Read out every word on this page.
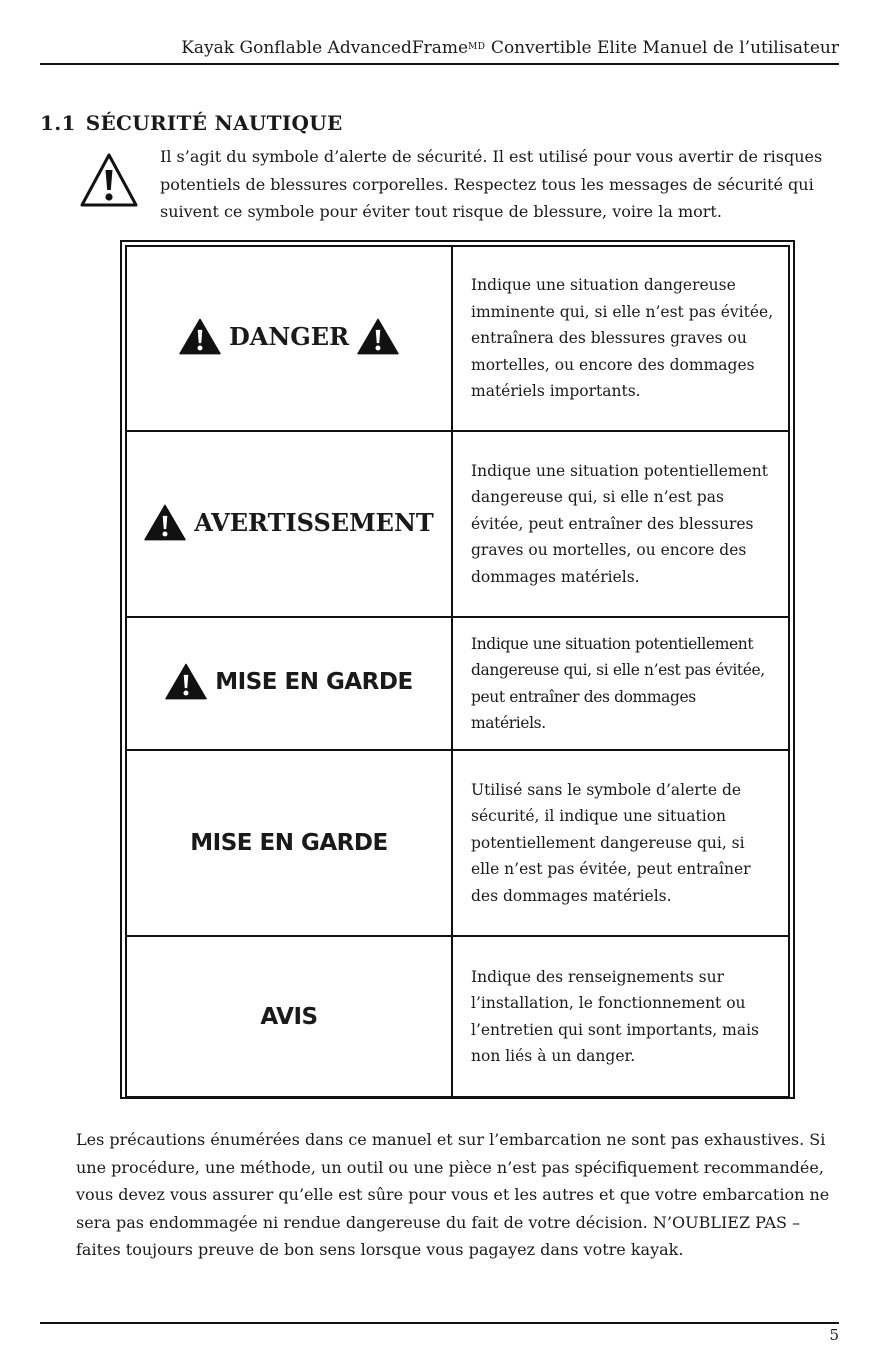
Kayak Gonflable AdvancedFrame$^{MD}$ Convertible Elite Manuel de l’utilisateur
1.1 SÉCURITÉ NAUTIQUE

Il s’agit du symbole d’alerte de sécurité. Il est utilisé pour vous avertir de risques potentiels de blessures corporelles. Respectez tous les messages de sécurité qui suivent ce symbole pour éviter tout risque de blessure, voire la mort.

DANGER	Indique une situation dangereuse imminente qui, si elle n’est pas évitée, entraînera des blessures graves ou mortelles, ou encore des dommages matériels importants.

AVERTISSEMENT	Indique une situation potentiellement dangereuse qui, si elle n’est pas évitée, peut entraîner des blessures graves ou mortelles, ou encore des dommages matériels.

MISE EN GARDE	Indique une situation potentiellement dangereuse qui, si elle n’est pas évitée, peut entraîner des dommages matériels.

MISE EN GARDE	Utilisé sans le symbole d’alerte de sécurité, il indique une situation potentiellement dangereuse qui, si elle n’est pas évitée, peut entraîner des dommages matériels.

AVIS	Indique des renseignements sur l’installation, le fonctionnement ou l’entretien qui sont importants, mais non liés à un danger.

Les précautions énumérées dans ce manuel et sur l’embarcation ne sont pas exhaustives. Si une procédure, une méthode, un outil ou une pièce n’est pas spécifiquement recommandée, vous devez vous assurer qu’elle est sûre pour vous et les autres et que votre embarcation ne sera pas endommagée ni rendue dangereuse du fait de votre décision. N’OUBLIEZ PAS – faites toujours preuve de bon sens lorsque vous pagayez dans votre kayak.

5
